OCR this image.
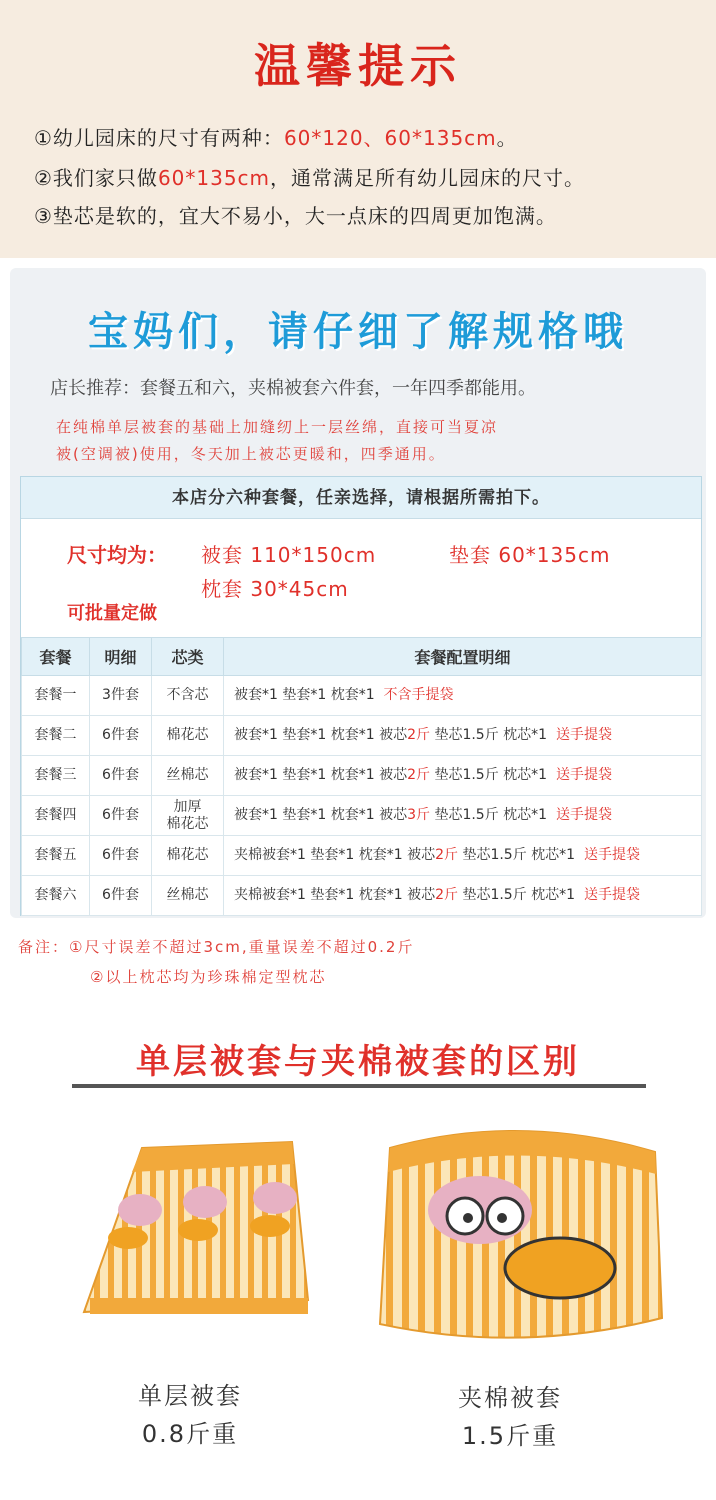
温馨提示
①幼儿园床的尺寸有两种：60*120、60*135cm。
②我们家只做60*135cm，通常满足所有幼儿园床的尺寸。
③垫芯是软的，宜大不易小，大一点床的四周更加饱满。
宝妈们，请仔细了解规格哦
店长推荐：套餐五和六，夹棉被套六件套，一年四季都能用。
在纯棉单层被套的基础上加缝纫上一层丝绵，直接可当夏凉
被(空调被)使用，冬天加上被芯更暖和，四季通用。
本店分六种套餐，任亲选择，请根据所需拍下。
尺寸均为： 被套 110*150cm	垫套 60*135cm
枕套 30*45cm
可批量定做
套餐	明细	芯类	套餐配置明细
套餐一	3件套	不含芯	被套*1 垫套*1 枕套*1 不含手提袋
套餐二	6件套	棉花芯	被套*1 垫套*1 枕套*1 被芯2斤 垫芯1.5斤 枕芯*1 送手提袋
套餐三	6件套	丝棉芯	被套*1 垫套*1 枕套*1 被芯2斤 垫芯1.5斤 枕芯*1 送手提袋
套餐四	6件套	加厚
棉花芯	被套*1 垫套*1 枕套*1 被芯3斤 垫芯1.5斤 枕芯*1 送手提袋
套餐五	6件套	棉花芯	夹棉被套*1 垫套*1 枕套*1 被芯2斤 垫芯1.5斤 枕芯*1 送手提袋
套餐六	6件套	丝棉芯	夹棉被套*1 垫套*1 枕套*1 被芯2斤 垫芯1.5斤 枕芯*1 送手提袋
备注：①尺寸误差不超过3cm,重量误差不超过0.2斤
②以上枕芯均为珍珠棉定型枕芯
单层被套与夹棉被套的区别
单层被套
0.8斤重
夹棉被套
1.5斤重
